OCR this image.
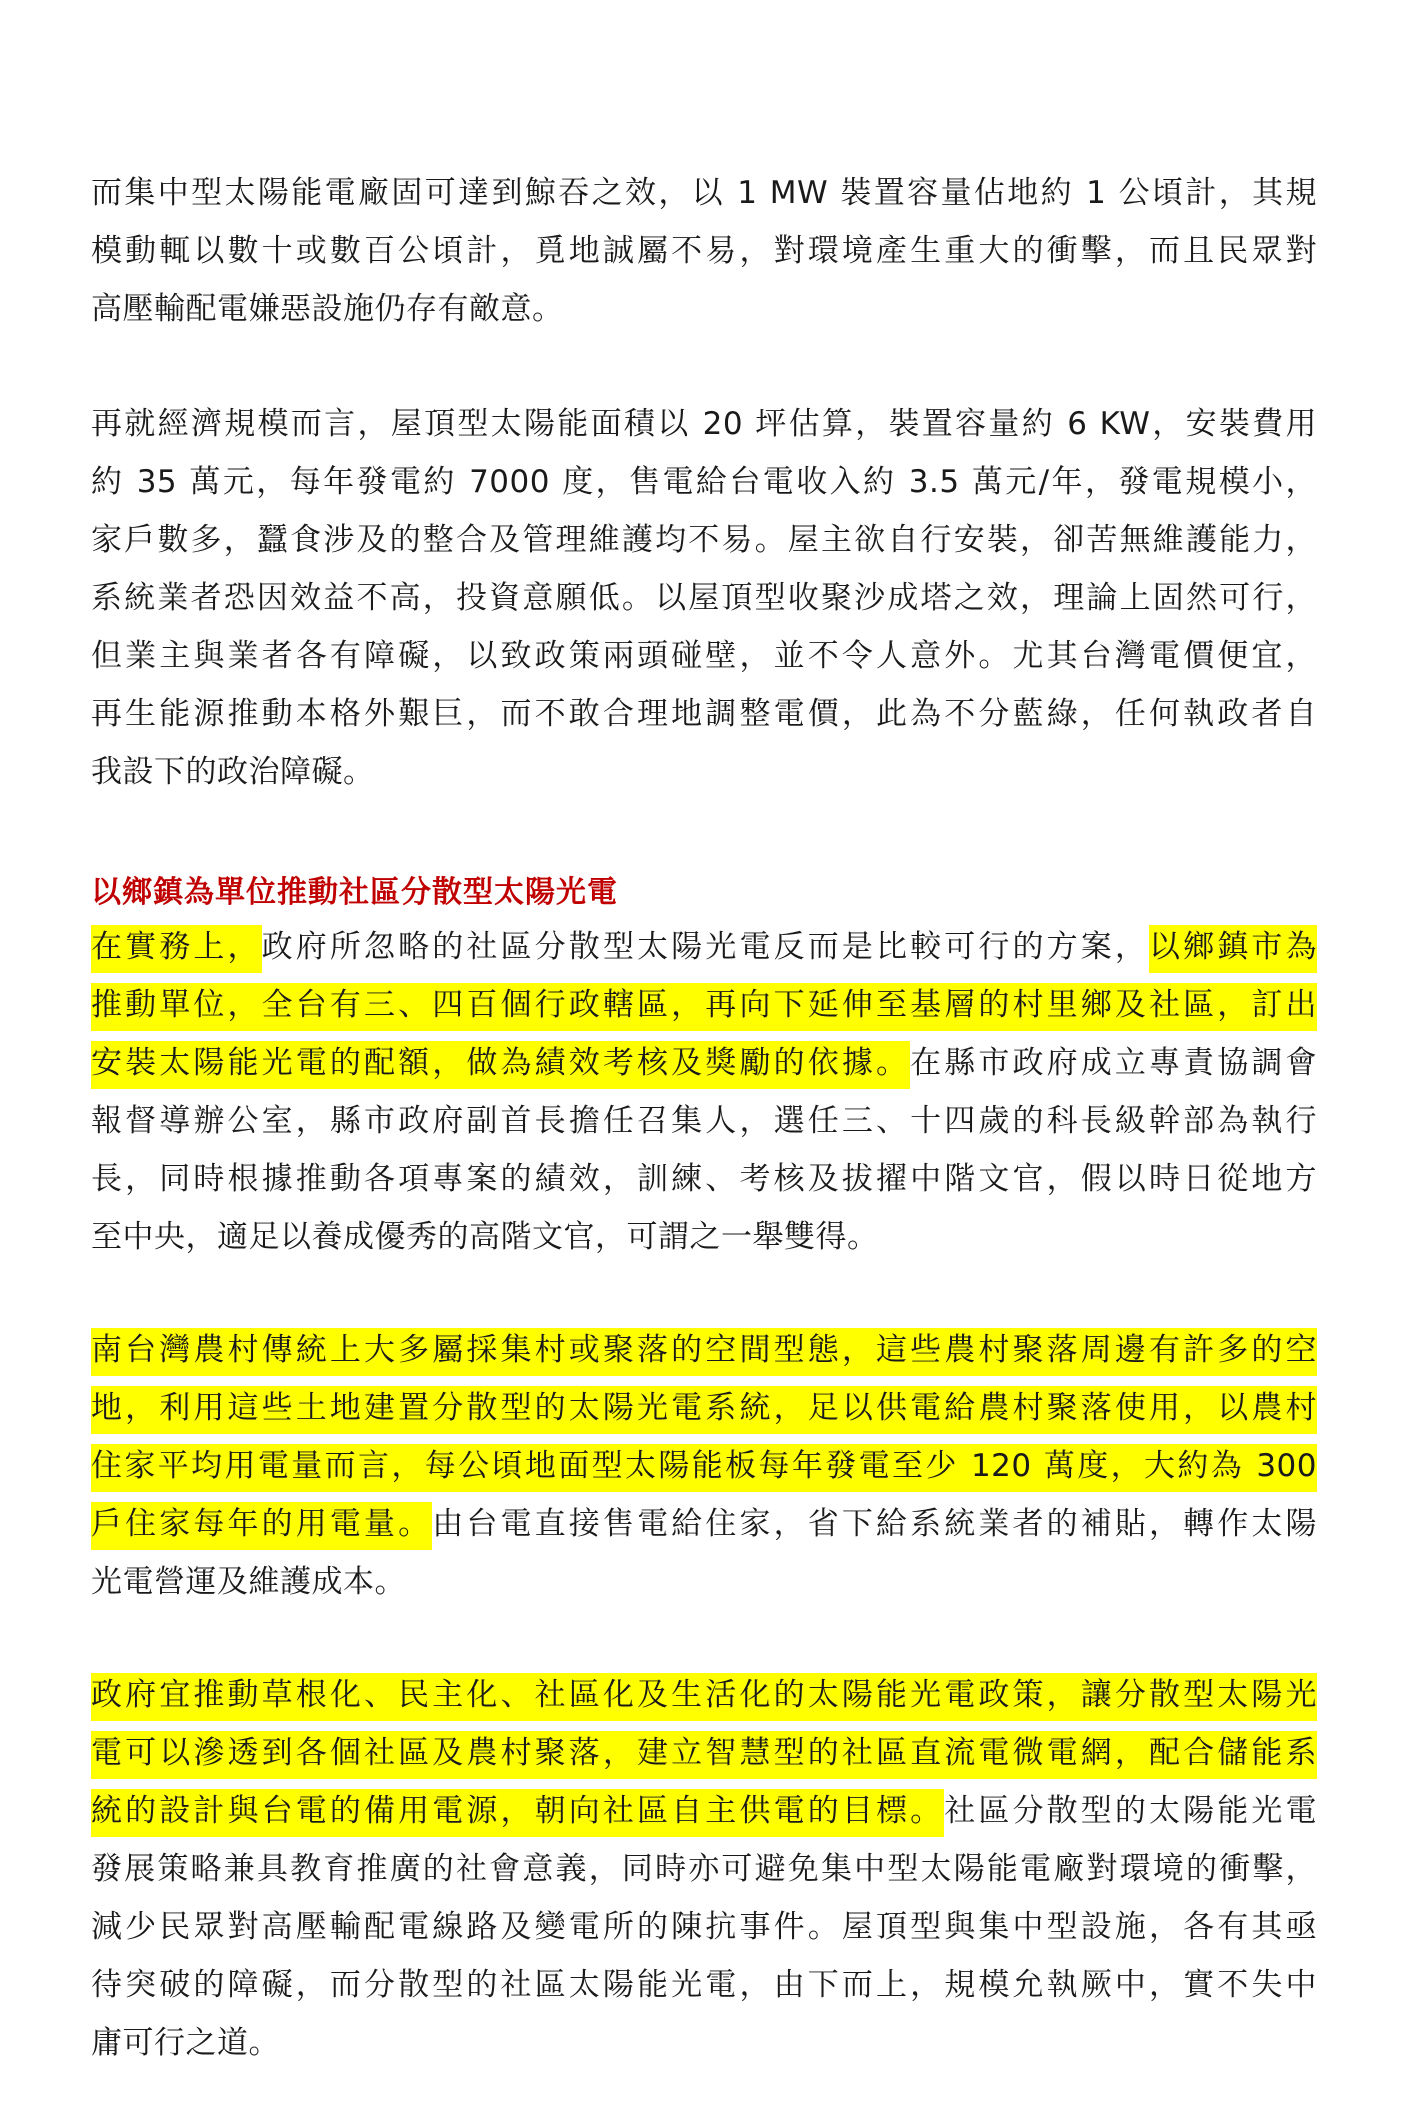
而集中型太陽能電廠固可達到鯨吞之效，以 1 MW 裝置容量佔地約 1 公頃計，其規
模動輒以數十或數百公頃計，覓地誠屬不易，對環境產生重大的衝擊，而且民眾對
高壓輸配電嫌惡設施仍存有敵意。
再就經濟規模而言，屋頂型太陽能面積以 20 坪估算，裝置容量約 6 KW，安裝費用
約 35 萬元，每年發電約 7000 度，售電給台電收入約 3.5 萬元/年，發電規模小，
家戶數多，蠶食涉及的整合及管理維護均不易。屋主欲自行安裝，卻苦無維護能力，
系統業者恐因效益不高，投資意願低。以屋頂型收聚沙成塔之效，理論上固然可行，
但業主與業者各有障礙，以致政策兩頭碰壁，並不令人意外。尤其台灣電價便宜，
再生能源推動本格外艱巨，而不敢合理地調整電價，此為不分藍綠，任何執政者自
我設下的政治障礙。
以鄉鎮為單位推動社區分散型太陽光電
在實務上，政府所忽略的社區分散型太陽光電反而是比較可行的方案，以鄉鎮市為
推動單位，全台有三、四百個行政轄區，再向下延伸至基層的村里鄉及社區，訂出
安裝太陽能光電的配額，做為績效考核及獎勵的依據。在縣市政府成立專責協調會
報督導辦公室，縣市政府副首長擔任召集人，選任三、十四歲的科長級幹部為執行
長，同時根據推動各項專案的績效，訓練、考核及拔擢中階文官，假以時日從地方
至中央，適足以養成優秀的高階文官，可謂之一舉雙得。
南台灣農村傳統上大多屬採集村或聚落的空間型態，這些農村聚落周邊有許多的空
地，利用這些土地建置分散型的太陽光電系統，足以供電給農村聚落使用，以農村
住家平均用電量而言，每公頃地面型太陽能板每年發電至少 120 萬度，大約為 300
戶住家每年的用電量。由台電直接售電給住家，省下給系統業者的補貼，轉作太陽
光電營運及維護成本。
政府宜推動草根化、民主化、社區化及生活化的太陽能光電政策，讓分散型太陽光
電可以滲透到各個社區及農村聚落，建立智慧型的社區直流電微電網，配合儲能系
統的設計與台電的備用電源，朝向社區自主供電的目標。社區分散型的太陽能光電
發展策略兼具教育推廣的社會意義，同時亦可避免集中型太陽能電廠對環境的衝擊，
減少民眾對高壓輸配電線路及變電所的陳抗事件。屋頂型與集中型設施，各有其亟
待突破的障礙，而分散型的社區太陽能光電，由下而上，規模允執厥中，實不失中
庸可行之道。
